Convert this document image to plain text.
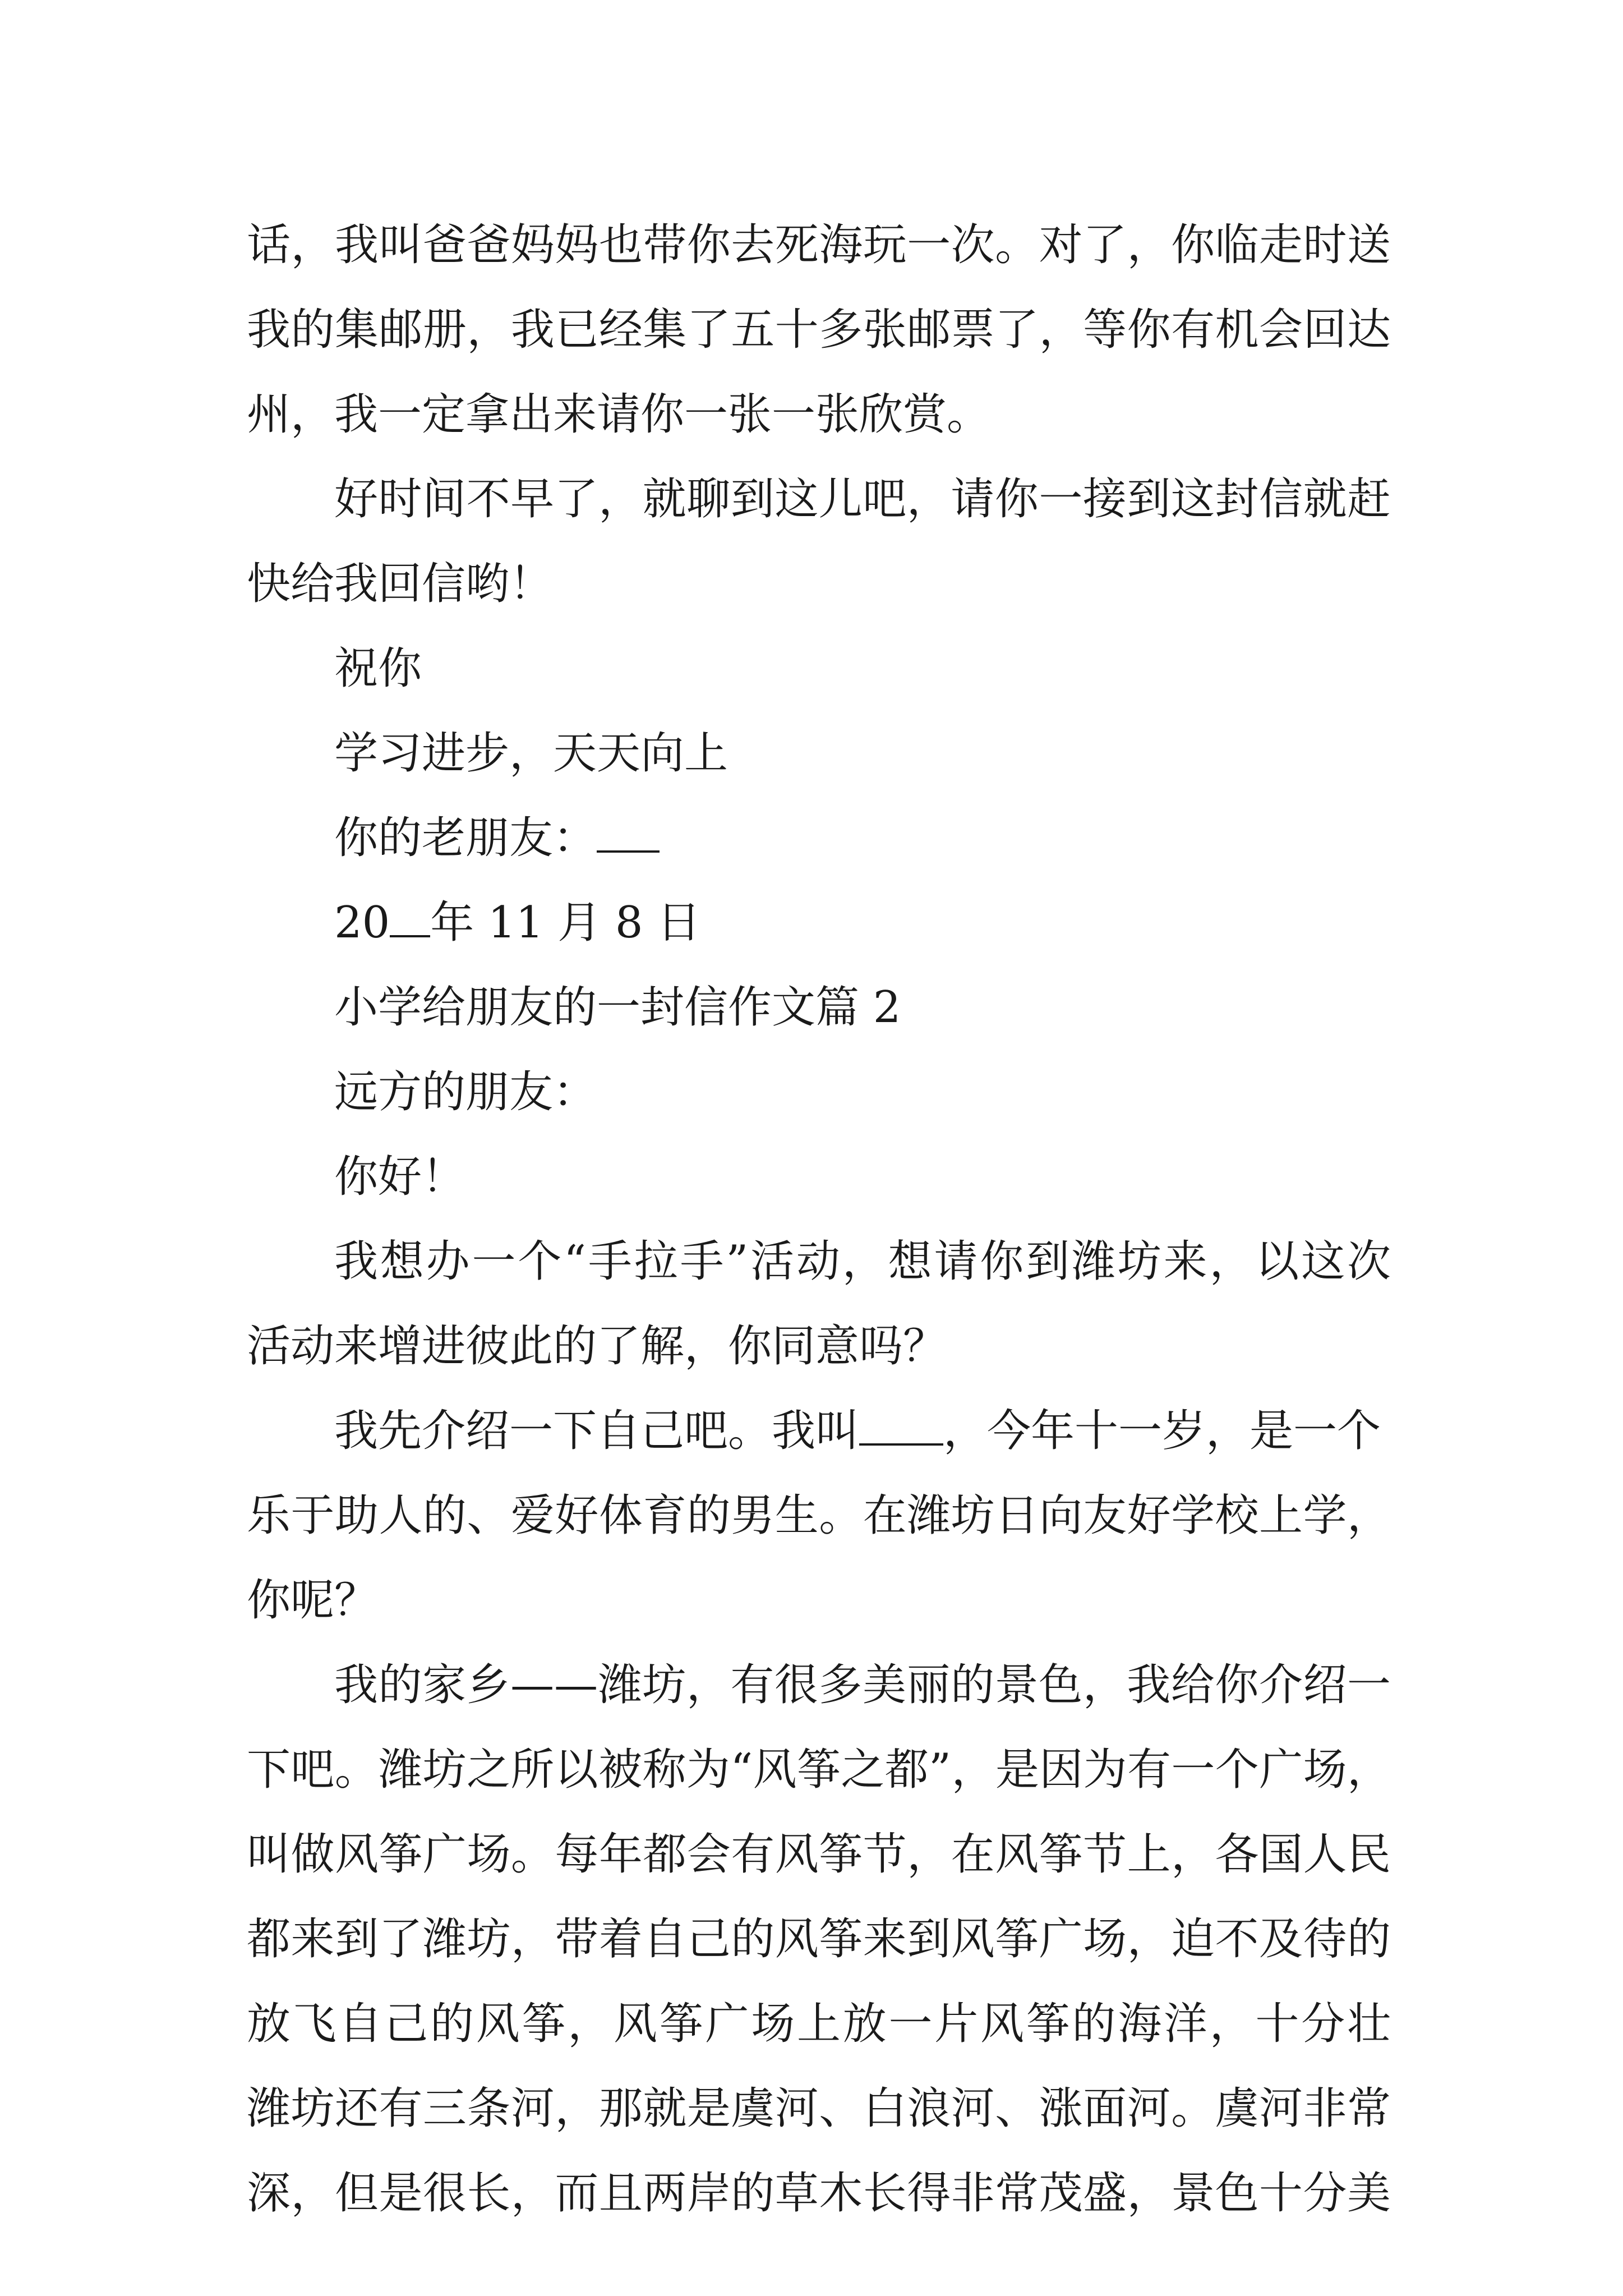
话，我叫爸爸妈妈也带你去死海玩一次。对了，你临走时送
我的集邮册，我已经集了五十多张邮票了，等你有机会回达
州，我一定拿出来请你一张一张欣赏。
好时间不早了，就聊到这儿吧，请你一接到这封信就赶
快给我回信哟！
祝你
学习进步，天天向上
你的老朋友：
20 年 11 月 8 日
小学给朋友的一封信作文篇 2
远方的朋友：
你好！
我想办一个“手拉手”活动，想请你到潍坊来，以这次
活动来增进彼此的了解，你同意吗？
我先介绍一下自己吧。我叫 ，今年十一岁，是一个
乐于助人的、爱好体育的男生。在潍坊日向友好学校上学，
你呢？
我的家乡——潍坊，有很多美丽的景色，我给你介绍一
下吧。潍坊之所以被称为“风筝之都”，是因为有一个广场，
叫做风筝广场。每年都会有风筝节，在风筝节上，各国人民
都来到了潍坊，带着自己的风筝来到风筝广场，迫不及待的
放飞自己的风筝，风筝广场上放一片风筝的海洋，十分壮
潍坊还有三条河，那就是虞河、白浪河、涨面河。虞河非常
深，但是很长，而且两岸的草木长得非常茂盛，景色十分美
